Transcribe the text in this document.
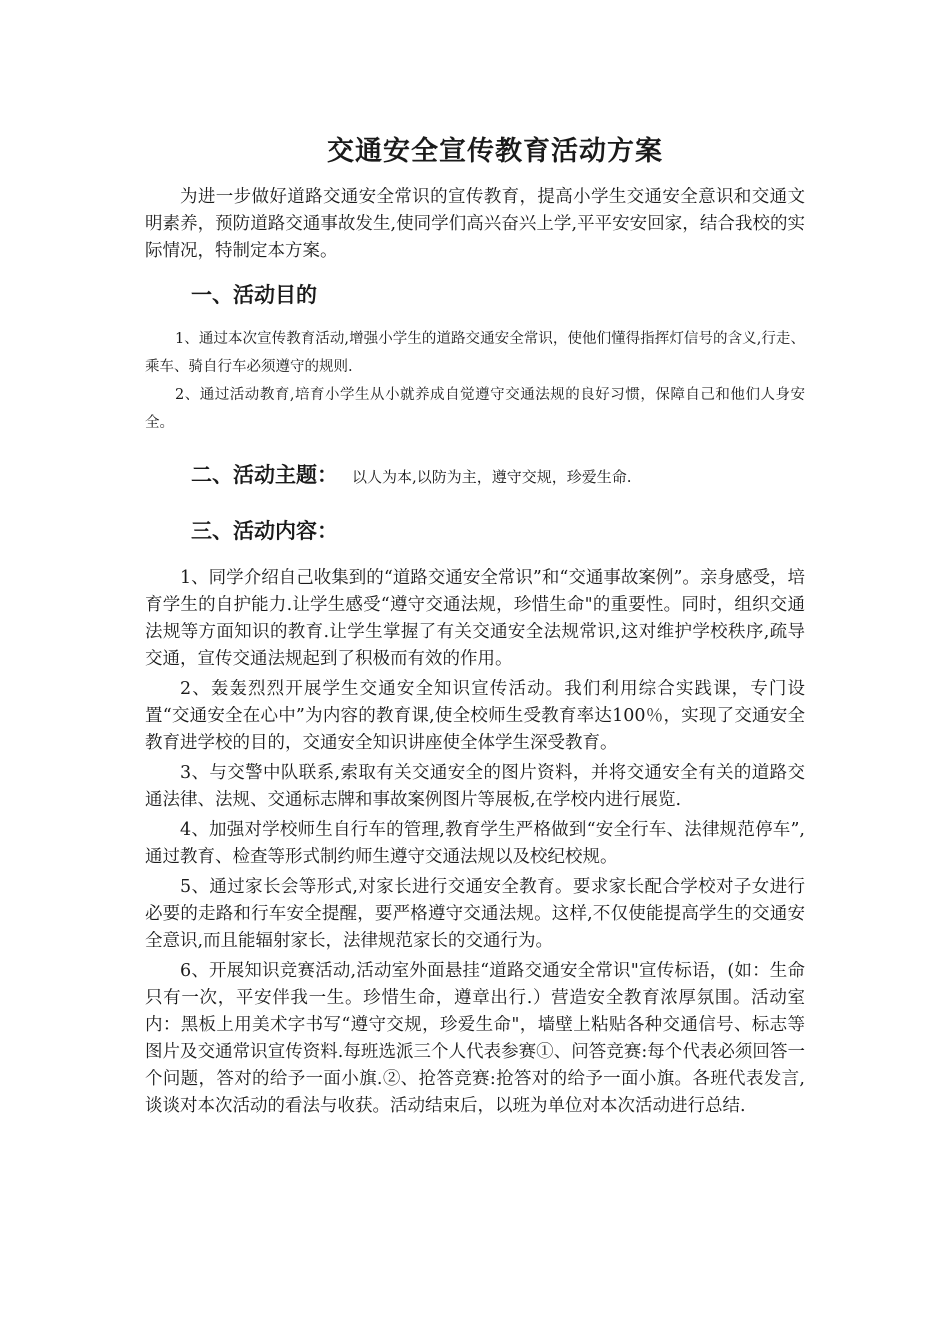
交通安全宣传教育活动方案

为进一步做好道路交通安全常识的宣传教育，提高小学生交通安全意识和交通文明素养，预防道路交通事故发生,使同学们高兴奋兴上学,平平安安回家，结合我校的实际情况，特制定本方案。

一、活动目的

1、通过本次宣传教育活动,增强小学生的道路交通安全常识，使他们懂得指挥灯信号的含义,行走、乘车、骑自行车必须遵守的规则.

2、通过活动教育,培育小学生从小就养成自觉遵守交通法规的良好习惯，保障自己和他们人身安全。

二、活动主题： 以人为本,以防为主，遵守交规，珍爱生命.
三、活动内容：

1、同学介绍自己收集到的“道路交通安全常识”和“交通事故案例”。亲身感受，培育学生的自护能力.让学生感受“遵守交通法规，珍惜生命"的重要性。同时，组织交通法规等方面知识的教育.让学生掌握了有关交通安全法规常识,这对维护学校秩序,疏导交通，宣传交通法规起到了积极而有效的作用。

2、轰轰烈烈开展学生交通安全知识宣传活动。我们利用综合实践课，专门设置“交通安全在心中”为内容的教育课,使全校师生受教育率达100％，实现了交通安全教育进学校的目的，交通安全知识讲座使全体学生深受教育。

3、与交警中队联系,索取有关交通安全的图片资料，并将交通安全有关的道路交通法律、法规、交通标志牌和事故案例图片等展板,在学校内进行展览.

4、加强对学校师生自行车的管理,教育学生严格做到“安全行车、法律规范停车”,通过教育、检查等形式制约师生遵守交通法规以及校纪校规。

5、通过家长会等形式,对家长进行交通安全教育。要求家长配合学校对子女进行必要的走路和行车安全提醒，要严格遵守交通法规。这样,不仅使能提高学生的交通安全意识,而且能辐射家长，法律规范家长的交通行为。

6、开展知识竞赛活动,活动室外面悬挂“道路交通安全常识"宣传标语，(如：生命只有一次，平安伴我一生。珍惜生命，遵章出行.）营造安全教育浓厚氛围。活动室内：黑板上用美术字书写“遵守交规，珍爱生命"，墙壁上粘贴各种交通信号、标志等图片及交通常识宣传资料.每班选派三个人代表参赛①、问答竞赛:每个代表必须回答一个问题，答对的给予一面小旗.②、抢答竞赛:抢答对的给予一面小旗。各班代表发言,谈谈对本次活动的看法与收获。活动结束后，以班为单位对本次活动进行总结.
